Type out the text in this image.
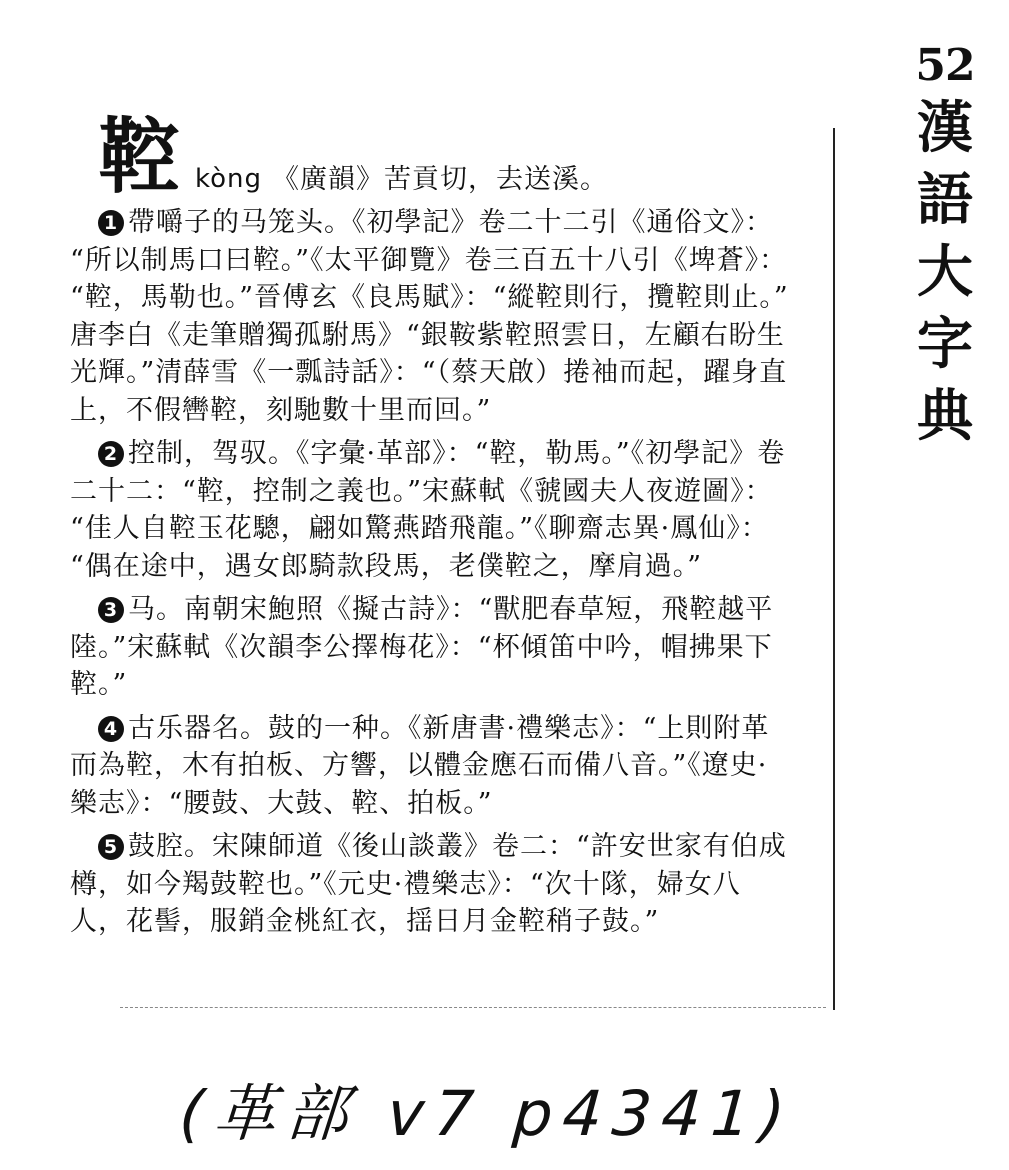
52
漢
語
大
字
典
鞚 kòng 《廣韻》苦貢切，去送溪。

1 帶嚼子的马笼头。《初學記》卷二十二引《通俗文》：

“所以制馬口曰鞚。”《太平御覽》卷三百五十八引《埤蒼》：

“鞚，馬勒也。”晉傅玄《良馬賦》：“縱鞚則行，攬鞚則止。”

唐李白《走筆贈獨孤駙馬》“銀鞍紫鞚照雲日，左顧右盼生

光輝。”清薛雪《一瓢詩話》：“（蔡天啟）捲袖而起，躍身直

上，不假轡鞚，刻馳數十里而回。”

2 控制，驾驭。《字彙·革部》：“鞚，勒馬。”《初學記》卷

二十二：“鞚，控制之義也。”宋蘇軾《虢國夫人夜遊圖》：

“佳人自鞚玉花驄，翩如驚燕踏飛龍。”《聊齋志異·鳳仙》：

“偶在途中，遇女郎騎款段馬，老僕鞚之，摩肩過。”

3 马。南朝宋鮑照《擬古詩》：“獸肥春草短，飛鞚越平

陸。”宋蘇軾《次韻李公擇梅花》：“杯傾笛中吟，帽拂果下

鞚。”

4 古乐器名。鼓的一种。《新唐書·禮樂志》：“上則附革

而為鞚，木有拍板、方響，以體金應石而備八音。”《遼史·

樂志》：“腰鼓、大鼓、鞚、拍板。”

5 鼓腔。宋陳師道《後山談叢》卷二：“許安世家有伯成

樽，如今羯鼓鞚也。”《元史·禮樂志》：“次十隊，婦女八

人，花髻，服銷金桃紅衣，揺日月金鞚稍子鼓。”

(革部 v7 p4341)
